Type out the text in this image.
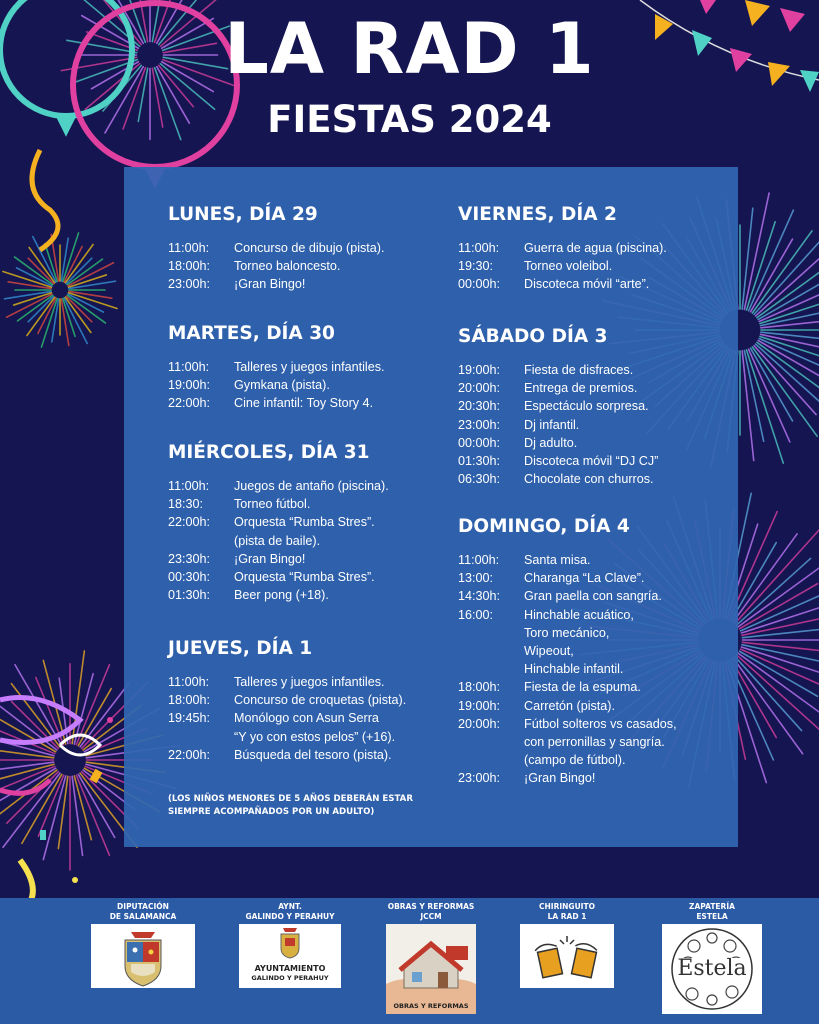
LA RAD 1
FIESTAS 2024
LUNES, DÍA 29
11:00h:	Concurso de dibujo (pista).
18:00h:	Torneo baloncesto.
23:00h:	¡Gran Bingo!
MARTES, DÍA 30
11:00h:	Talleres y juegos infantiles.
19:00h:	Gymkana (pista).
22:00h:	Cine infantil: Toy Story 4.
MIÉRCOLES, DÍA 31
11:00h:	Juegos de antaño (piscina).
18:30:	Torneo fútbol.
22:00h:	Orquesta “Rumba Stres”.
(pista de baile).
23:30h:	¡Gran Bingo!
00:30h:	Orquesta “Rumba Stres”.
01:30h:	Beer pong (+18).
JUEVES, DÍA 1
11:00h:	Talleres y juegos infantiles.
18:00h:	Concurso de croquetas (pista).
19:45h:	Monólogo con Asun Serra
“Y yo con estos pelos” (+16).
22:00h:	Búsqueda del tesoro (pista).
VIERNES, DÍA 2
11:00h:	Guerra de agua (piscina).
19:30:	Torneo voleibol.
00:00h:	Discoteca móvil “arte”.
SÁBADO DÍA 3
19:00h:	Fiesta de disfraces.
20:00h:	Entrega de premios.
20:30h:	Espectáculo sorpresa.
23:00h:	Dj infantil.
00:00h:	Dj adulto.
01:30h:	Discoteca móvil “DJ CJ”
06:30h:	Chocolate con churros.
DOMINGO, DÍA 4
11:00h:	Santa misa.
13:00:	Charanga “La Clave”.
14:30h:	Gran paella con sangría.
16:00:	Hinchable acuático,
Toro mecánico,
Wipeout,
Hinchable infantil.
18:00h:	Fiesta de la espuma.
19:00h:	Carretón (pista).
20:00h:	Fútbol solteros vs casados,
con perronillas y sangría.
(campo de fútbol).
23:00h:	¡Gran Bingo!
(LOS NIÑOS MENORES DE 5 AÑOS DEBERÁN ESTAR
SIEMPRE ACOMPAÑADOS POR UN ADULTO)
DIPUTACIÓN
DE SALAMANCA
AYNT.
GALINDO Y PERAHUY
AYUNTAMIENTO
GALINDO Y PERAHUY
OBRAS Y REFORMAS
JCCM
OBRAS Y REFORMAS
CHIRINGUITO
LA RAD 1
ZAPATERÍA
ESTELA
Estela
